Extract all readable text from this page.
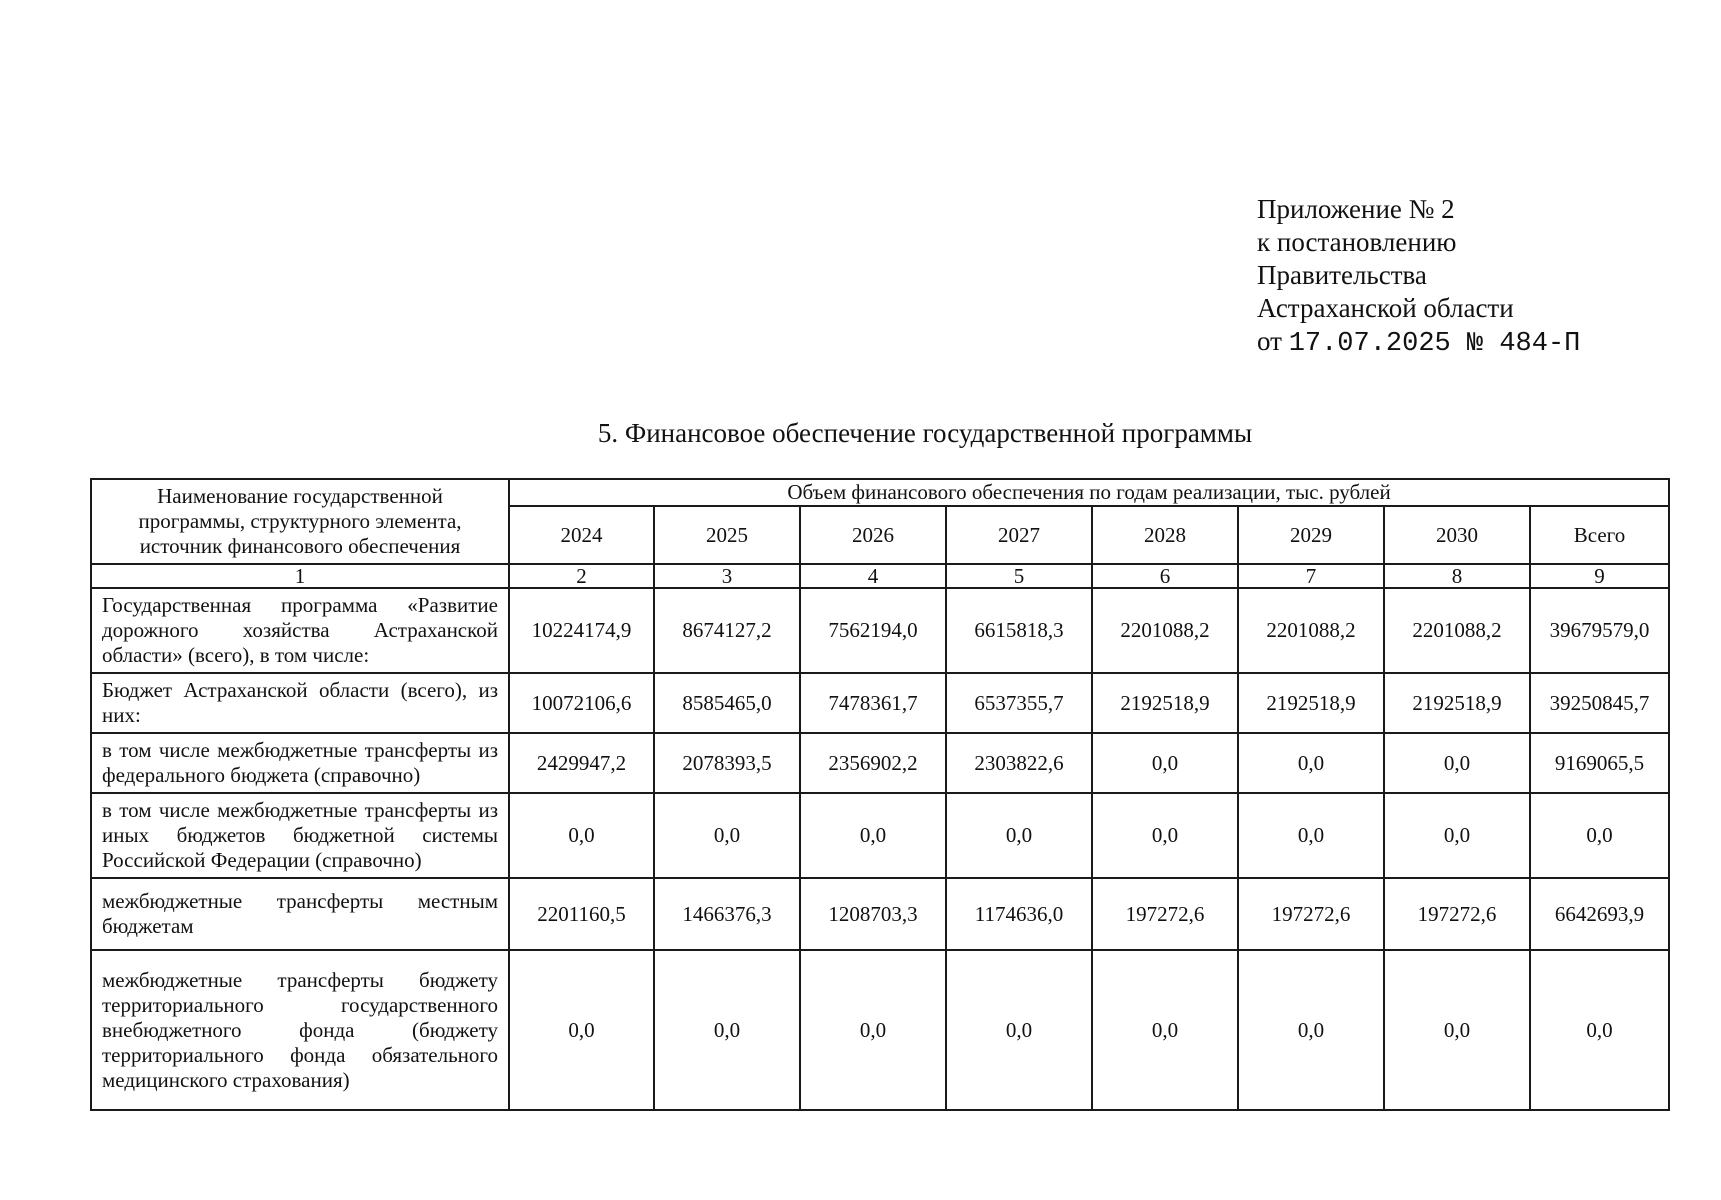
Приложение № 2
к постановлению
Правительства
Астраханской области
от 17.07.2025 № 484-П
5. Финансовое обеспечение государственной программы
Наименование государственной программы, структурного элемента, источник финансового обеспечения	Объем финансового обеспечения по годам реализации, тыс. рублей							
	2024	2025	2026	2027	2028	2029	2030	Всего
1	2	3	4	5	6	7	8	9
Государственная программа «Развитие дорожного хозяйства Астраханской области» (всего), в том числе:	10224174,9	8674127,2	7562194,0	6615818,3	2201088,2	2201088,2	2201088,2	39679579,0
Бюджет Астраханской области (всего), из них:	10072106,6	8585465,0	7478361,7	6537355,7	2192518,9	2192518,9	2192518,9	39250845,7
в том числе межбюджетные трансферты из федерального бюджета (справочно)	2429947,2	2078393,5	2356902,2	2303822,6	0,0	0,0	0,0	9169065,5
в том числе межбюджетные трансферты из иных бюджетов бюджетной системы Российской Федерации (справочно)	0,0	0,0	0,0	0,0	0,0	0,0	0,0	0,0
межбюджетные трансферты местным бюджетам	2201160,5	1466376,3	1208703,3	1174636,0	197272,6	197272,6	197272,6	6642693,9
межбюджетные трансферты бюджету территориального государственного внебюджетного фонда (бюджету территориального фонда обязательного медицинского страхования)	0,0	0,0	0,0	0,0	0,0	0,0	0,0	0,0
